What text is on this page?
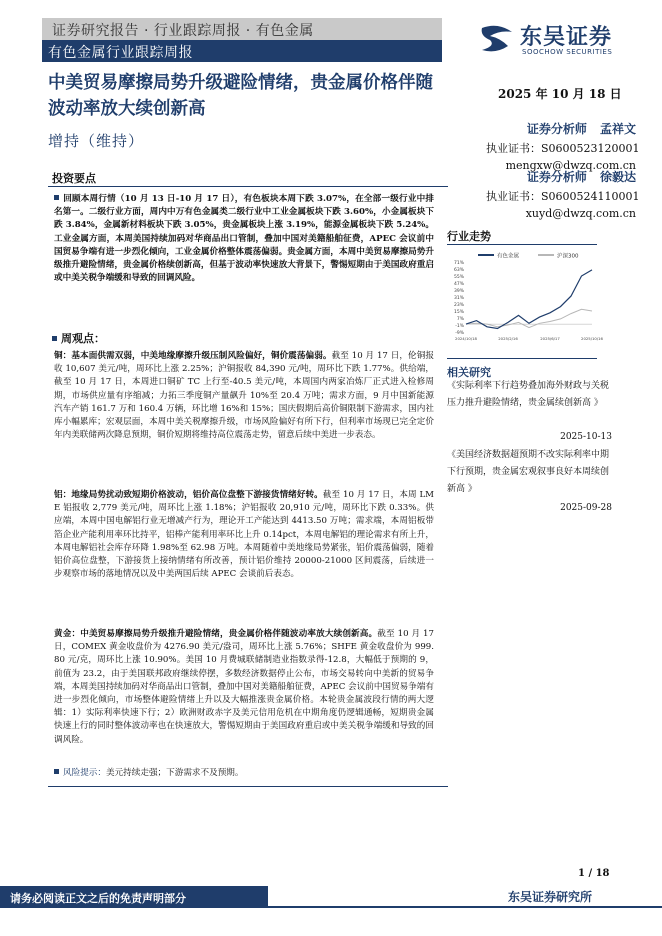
证券研究报告 · 行业跟踪周报 · 有色金属
有色金属行业跟踪周报
东吴证券
SOOCHOW SECURITIES
中美贸易摩擦局势升级避险情绪，贵金属价格伴随波动率放大续创新高
2025 年 10 月 18 日
增持（维持）
证券分析师 孟祥文
执业证书：S0600523120001
mengxw@dwzq.com.cn
证券分析师 徐毅达
执业证书：S0600524110001
xuyd@dwzq.com.cn
投资要点
回顾本周行情（10 月 13 日-10 月 17 日），有色板块本周下跌 3.07%，在全部一级行业中排名第一。二级行业方面，周内中万有色金属类二级行业中工业金属板块下跌 3.60%，小金属板块下跌 3.84%，金属新材料板块下跌 3.05%，贵金属板块上涨 3.19%，能源金属板块下跌 5.24%。工业金属方面，本周美国持续加码对华商品出口管制，叠加中国对美籍船舶征费，APEC 会议前中国贸易争端有进一步烈化倾向，工业金属价格整体震荡偏弱。贵金属方面，本周中美贸易摩擦局势升级推升避险情绪，贵金属价格续创新高，但基于波动率快速放大背景下，警惕短期由于美国政府重启或中美关税争端缓和导致的回调风险。
周观点：
铜：基本面供需双弱，中美地缘摩擦升级压制风险偏好，铜价震荡偏弱。截至 10 月 17 日，伦铜报收 10,607 美元/吨，周环比上涨 2.25%；沪铜报收 84,390 元/吨，周环比下跌 1.77%。供给端，截至 10 月 17 日，本周进口铜矿 TC 上行至-40.5 美元/吨，本周国内两家冶炼厂正式进入检修周期，市场供应量有序缩减；力拓三季度铜产量飙升 10%至 20.4 万吨；需求方面，9 月中国新能源汽车产销 161.7 万和 160.4 万辆，环比增 16%和 15%；国庆假期后高价铜限制下游需求，国内社库小幅累库；宏观层面，本周中美关税摩擦升级，市场风险偏好有所下行，但利率市场现已完全定价年内美联储两次降息预期，铜价短期将维持高位震荡走势，留意后续中美进一步表态。
铝：地缘局势扰动致短期价格波动，铝价高位盘整下游接货情绪好转。截至 10 月 17 日，本周 LME 铝报收 2,779 美元/吨，周环比上涨 1.18%；沪铝报收 20,910 元/吨，周环比下跌 0.33%。供应端，本周中国电解铝行业无增减产行为，理论开工产能达到 4413.50 万吨；需求端，本周铝板带箔企业产能利用率环比持平，铝棒产能利用率环比上升 0.14pct，本周电解铝的理论需求有所上升，本周电解铝社会库存环降 1.98%至 62.98 万吨。本周随着中美地缘局势紧张，铝价震荡偏弱，随着铝价高位盘整，下游接货上接纳情绪有所改善，预计铝价维持 20000-21000 区间震荡，后续进一步观察市场的落地情况以及中美两国后续 APEC 会谈前后表态。
黄金：中美贸易摩擦局势升级推升避险情绪，贵金属价格伴随波动率放大续创新高。截至 10 月 17 日，COMEX 黄金收盘价为 4276.90 美元/盎司，周环比上涨 5.76%；SHFE 黄金收盘价为 999.80 元/克，周环比上涨 10.90%。美国 10 月费城联储制造业指数录得-12.8，大幅低于预期的 9，前值为 23.2，由于美国联邦政府继续停摆，多数经济数据停止公布，市场交易转向中美新的贸易争端，本周美国持续加码对华商品出口管制，叠加中国对美籍船舶征费，APEC 会议前中国贸易争端有进一步烈化倾向，市场整体避险情绪上升以及大幅推涨贵金属价格。本轮贵金属波段行情的两大逻辑：1）实际利率快速下行；2）欧洲财政赤字及美元信用危机在中期角度仍逻辑通畅，短期贵金属快速上行的同时整体波动率也在快速放大，警惕短期由于美国政府重启或中美关税争端缓和导致的回调风险。
风险提示：美元持续走强；下游需求不及预期。
行业走势
有色金属	沪深300
71%
63%
55%
47%
39%
31%
23%
15%
7%
-1%
-9%
2024/10/18	2025/2/16	2025/6/17	2025/10/16
相关研究
《实际利率下行趋势叠加海外财政与关税压力推升避险情绪，贵金属续创新高 》
2025-10-13
《美国经济数据超预期不改实际利率中期下行预期，贵金属宏观叙事良好本周续创新高 》
2025-09-28
1 / 18
请务必阅读正文之后的免责声明部分	东吴证券研究所
